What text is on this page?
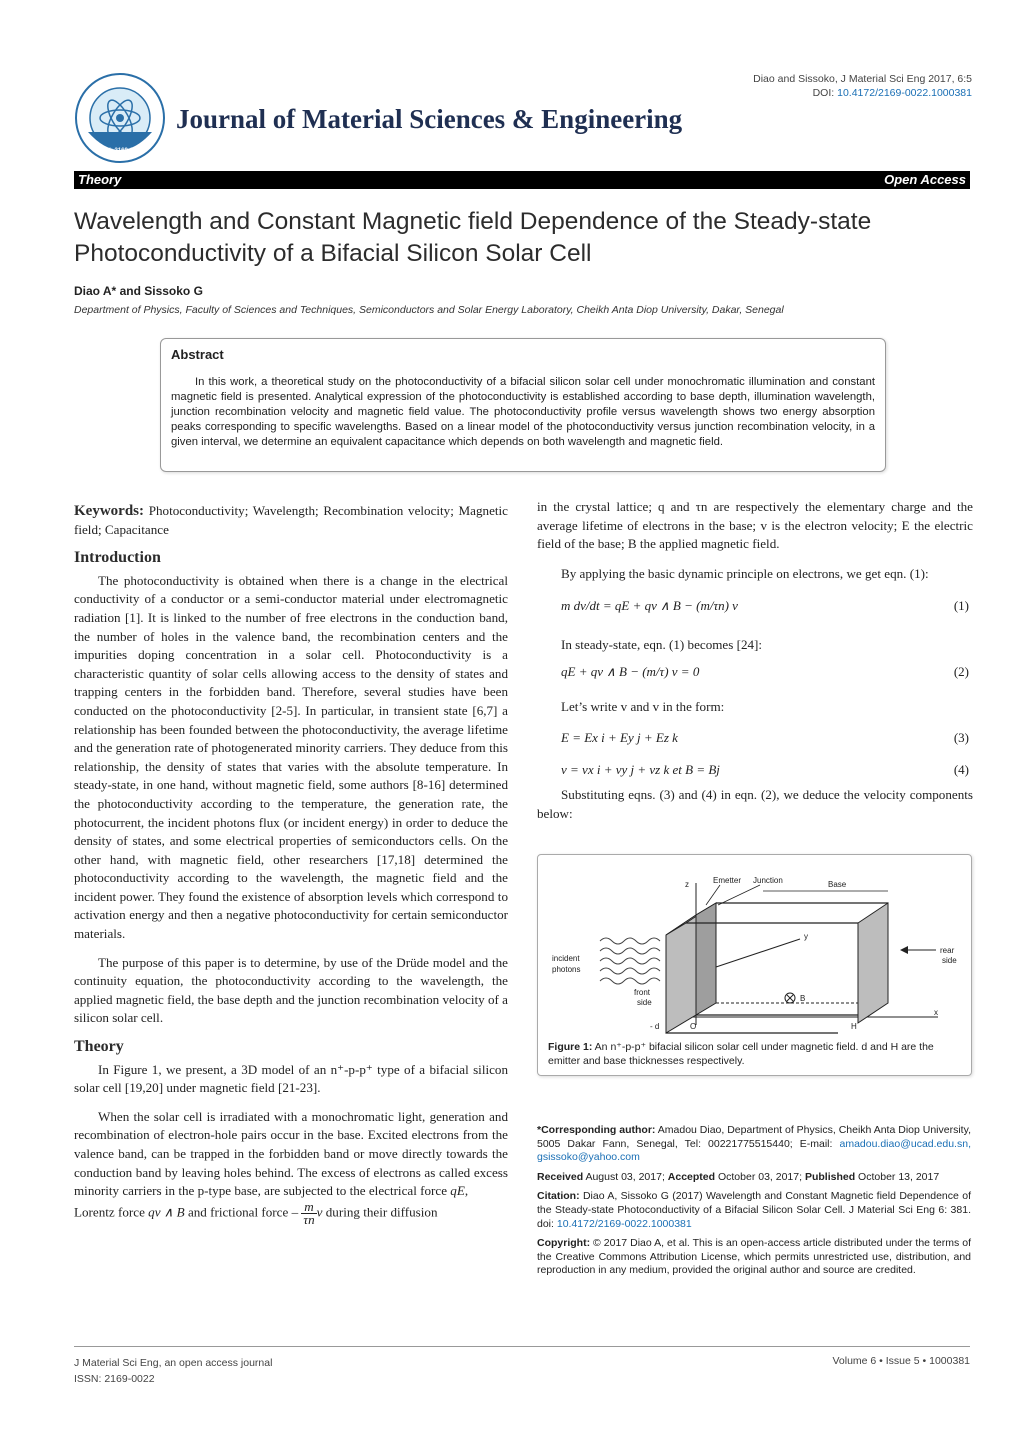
Diao and Sissoko, J Material Sci Eng 2017, 6:5
DOI: 10.4172/2169-0022.1000381
ISSN: 2169-0022
Journal of Material Sciences & Engineering
Theory	Open Access
Wavelength and Constant Magnetic field Dependence of the Steady-state Photoconductivity of a Bifacial Silicon Solar Cell
Diao A* and Sissoko G
Department of Physics, Faculty of Sciences and Techniques, Semiconductors and Solar Energy Laboratory, Cheikh Anta Diop University, Dakar, Senegal
Abstract
In this work, a theoretical study on the photoconductivity of a bifacial silicon solar cell under monochromatic illumination and constant magnetic field is presented. Analytical expression of the photoconductivity is established according to base depth, illumination wavelength, junction recombination velocity and magnetic field value. The photoconductivity profile versus wavelength shows two energy absorption peaks corresponding to specific wavelengths. Based on a linear model of the photoconductivity versus junction recombination velocity, in a given interval, we determine an equivalent capacitance which depends on both wavelength and magnetic field.

Keywords: Photoconductivity; Wavelength; Recombination velocity; Magnetic field; Capacitance

Introduction

The photoconductivity is obtained when there is a change in the electrical conductivity of a conductor or a semi-conductor material under electromagnetic radiation [1]. It is linked to the number of free electrons in the conduction band, the number of holes in the valence band, the recombination centers and the impurities doping concentration in a solar cell. Photoconductivity is a characteristic quantity of solar cells allowing access to the density of states and trapping centers in the forbidden band. Therefore, several studies have been conducted on the photoconductivity [2-5]. In particular, in transient state [6,7] a relationship has been founded between the photoconductivity, the average lifetime and the generation rate of photogenerated minority carriers. They deduce from this relationship, the density of states that varies with the absolute temperature. In steady-state, in one hand, without magnetic field, some authors [8-16] determined the photoconductivity according to the temperature, the generation rate, the photocurrent, the incident photons flux (or incident energy) in order to deduce the density of states, and some electrical properties of semiconductors cells. On the other hand, with magnetic field, other researchers [17,18] determined the photoconductivity according to the wavelength, the magnetic field and the incident power. They found the existence of absorption levels which correspond to activation energy and then a negative photoconductivity for certain semiconductor materials.

The purpose of this paper is to determine, by use of the Drüde model and the continuity equation, the photoconductivity according to the wavelength, the applied magnetic field, the base depth and the junction recombination velocity of a silicon solar cell.

Theory

In Figure 1, we present, a 3D model of an n⁺-p-p⁺ type of a bifacial silicon solar cell [19,20] under magnetic field [21-23].

When the solar cell is irradiated with a monochromatic light, generation and recombination of electron-hole pairs occur in the base. Excited electrons from the valence band, can be trapped in the forbidden band or move directly towards the conduction band by leaving holes behind. The excess of electrons as called excess minority carriers in the p-type base, are subjected to the electrical force qE,

Lorentz force qv ∧ B and frictional force – $\frac{m}{\tau n}$ v during their diffusion

in the crystal lattice; q and τn are respectively the elementary charge and the average lifetime of electrons in the base; v is the electron velocity; E the electric field of the base; B the applied magnetic field.
By applying the basic dynamic principle on electrons, we get eqn. (1):
m dv/dt = qE + qv ∧ B − (m/τn) v	(1)
In steady-state, eqn. (1) becomes [24]:
qE + qv ∧ B − (m/τ) v = 0	(2)
Let’s write v and v in the form:
E = Ex i + Ey j + Ez k	(3)
v = vx i + vy j + vz k et B = Bj	(4)
Substituting eqns. (3) and (4) in eqn. (2), we deduce the velocity components below:
z
x
y
Emetter Junction	Base
incident
photons
front
side
rear
side
B
- d	O	H
Figure 1: An n⁺-p-p⁺ bifacial silicon solar cell under magnetic field. d and H are the emitter and base thicknesses respectively.

*Corresponding author: Amadou Diao, Department of Physics, Cheikh Anta Diop University, 5005 Dakar Fann, Senegal, Tel: 00221775515440; E-mail: amadou.diao@ucad.edu.sn, gsissoko@yahoo.com

Received August 03, 2017; Accepted October 03, 2017; Published October 13, 2017

Citation: Diao A, Sissoko G (2017) Wavelength and Constant Magnetic field Dependence of the Steady-state Photoconductivity of a Bifacial Silicon Solar Cell. J Material Sci Eng 6: 381. doi: 10.4172/2169-0022.1000381

Copyright: © 2017 Diao A, et al. This is an open-access article distributed under the terms of the Creative Commons Attribution License, which permits unrestricted use, distribution, and reproduction in any medium, provided the original author and source are credited.

J Material Sci Eng, an open access journal
ISSN: 2169-0022
Volume 6 • Issue 5 • 1000381
